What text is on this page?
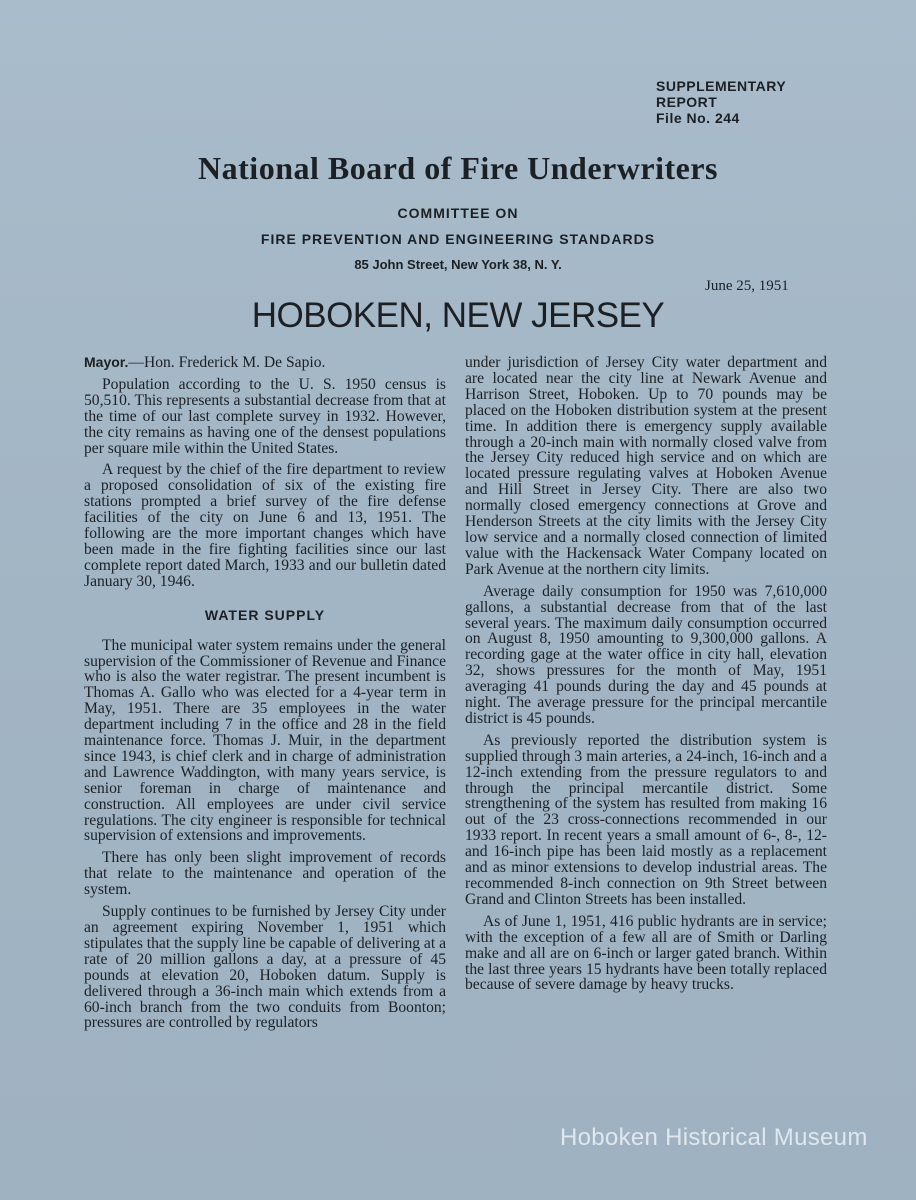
SUPPLEMENTARY
REPORT
File No. 244
National Board of Fire Underwriters
COMMITTEE ON
FIRE PREVENTION AND ENGINEERING STANDARDS
85 John Street, New York 38, N. Y.
June 25, 1951
HOBOKEN, NEW JERSEY

Mayor.—Hon. Frederick M. De Sapio.

Population according to the U. S. 1950 census is 50,510. This represents a substantial decrease from that at the time of our last complete survey in 1932. However, the city remains as having one of the densest populations per square mile within the United States.

A request by the chief of the fire department to review a proposed consolidation of six of the existing fire stations prompted a brief survey of the fire defense facilities of the city on June 6 and 13, 1951. The following are the more important changes which have been made in the fire fighting facilities since our last complete report dated March, 1933 and our bulletin dated January 30, 1946.

WATER SUPPLY

The municipal water system remains under the general supervision of the Commissioner of Revenue and Finance who is also the water registrar. The present incumbent is Thomas A. Gallo who was elected for a 4-year term in May, 1951. There are 35 employees in the water department including 7 in the office and 28 in the field maintenance force. Thomas J. Muir, in the department since 1943, is chief clerk and in charge of administration and Lawrence Waddington, with many years service, is senior foreman in charge of maintenance and construction. All employees are under civil service regulations. The city engineer is responsible for technical supervision of extensions and improvements.

There has only been slight improvement of records that relate to the maintenance and operation of the system.

Supply continues to be furnished by Jersey City under an agreement expiring November 1, 1951 which stipulates that the supply line be capable of delivering at a rate of 20 million gallons a day, at a pressure of 45 pounds at elevation 20, Hoboken datum. Supply is delivered through a 36-inch main which extends from a 60-inch branch from the two conduits from Boonton; pressures are controlled by regulators

under jurisdiction of Jersey City water department and are located near the city line at Newark Avenue and Harrison Street, Hoboken. Up to 70 pounds may be placed on the Hoboken distribution system at the present time. In addition there is emergency supply available through a 20-inch main with normally closed valve from the Jersey City reduced high service and on which are located pressure regulating valves at Hoboken Avenue and Hill Street in Jersey City. There are also two normally closed emergency connections at Grove and Henderson Streets at the city limits with the Jersey City low service and a normally closed connection of limited value with the Hackensack Water Company located on Park Avenue at the northern city limits.

Average daily consumption for 1950 was 7,610,000 gallons, a substantial decrease from that of the last several years. The maximum daily consumption occurred on August 8, 1950 amounting to 9,300,000 gallons. A recording gage at the water office in city hall, elevation 32, shows pressures for the month of May, 1951 averaging 41 pounds during the day and 45 pounds at night. The average pressure for the principal mercantile district is 45 pounds.

As previously reported the distribution system is supplied through 3 main arteries, a 24-inch, 16-inch and a 12-inch extending from the pressure regulators to and through the principal mercantile district. Some strengthening of the system has resulted from making 16 out of the 23 cross-connections recommended in our 1933 report. In recent years a small amount of 6-, 8-, 12- and 16-inch pipe has been laid mostly as a replacement and as minor extensions to develop industrial areas. The recommended 8-inch connection on 9th Street between Grand and Clinton Streets has been installed.

As of June 1, 1951, 416 public hydrants are in service; with the exception of a few all are of Smith or Darling make and all are on 6-inch or larger gated branch. Within the last three years 15 hydrants have been totally replaced because of severe damage by heavy trucks.

Hoboken Historical Museum
